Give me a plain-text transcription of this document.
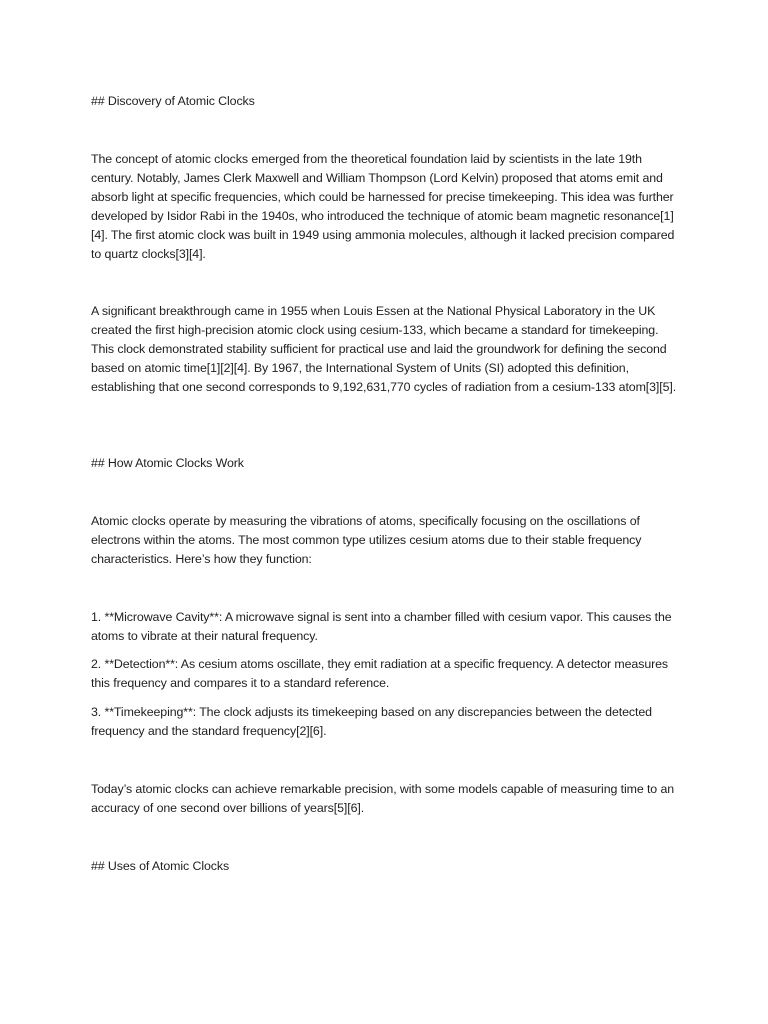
## Discovery of Atomic Clocks

The concept of atomic clocks emerged from the theoretical foundation laid by scientists in the late 19th century. Notably, James Clerk Maxwell and William Thompson (Lord Kelvin) proposed that atoms emit and absorb light at specific frequencies, which could be harnessed for precise timekeeping. This idea was further developed by Isidor Rabi in the 1940s, who introduced the technique of atomic beam magnetic resonance[1][4]. The first atomic clock was built in 1949 using ammonia molecules, although it lacked precision compared to quartz clocks[3][4].

A significant breakthrough came in 1955 when Louis Essen at the National Physical Laboratory in the UK created the first high-precision atomic clock using cesium-133, which became a standard for timekeeping. This clock demonstrated stability sufficient for practical use and laid the groundwork for defining the second based on atomic time[1][2][4]. By 1967, the International System of Units (SI) adopted this definition, establishing that one second corresponds to 9,192,631,770 cycles of radiation from a cesium-133 atom[3][5].

## How Atomic Clocks Work

Atomic clocks operate by measuring the vibrations of atoms, specifically focusing on the oscillations of electrons within the atoms. The most common type utilizes cesium atoms due to their stable frequency characteristics. Here’s how they function:

1. **Microwave Cavity**: A microwave signal is sent into a chamber filled with cesium vapor. This causes the atoms to vibrate at their natural frequency.

2. **Detection**: As cesium atoms oscillate, they emit radiation at a specific frequency. A detector measures this frequency and compares it to a standard reference.

3. **Timekeeping**: The clock adjusts its timekeeping based on any discrepancies between the detected frequency and the standard frequency[2][6].

Today’s atomic clocks can achieve remarkable precision, with some models capable of measuring time to an accuracy of one second over billions of years[5][6].

## Uses of Atomic Clocks
